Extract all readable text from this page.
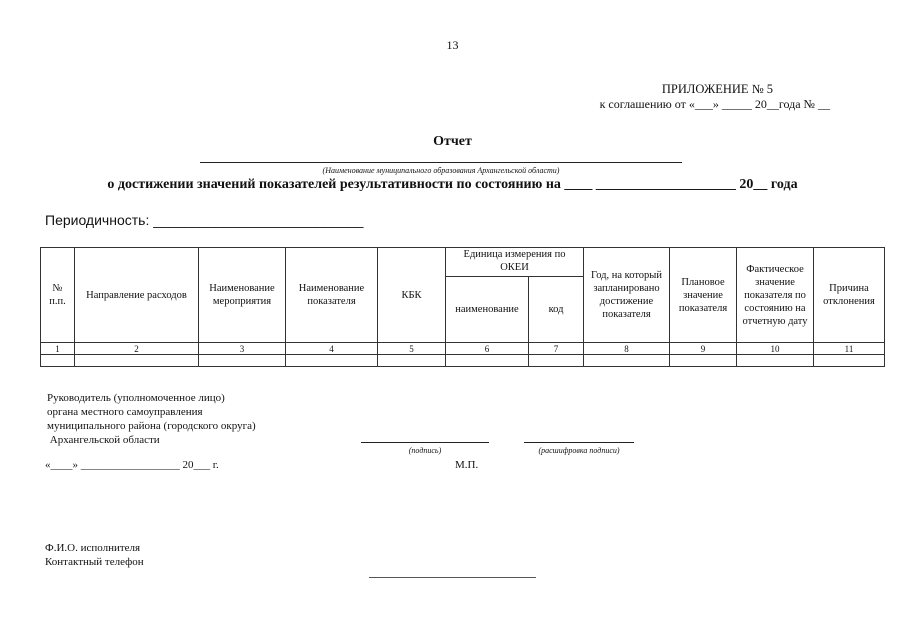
13
ПРИЛОЖЕНИЕ № 5
к соглашению от «___» _____ 20__года № __
Отчет
(Наименование муниципального образования Архангельской области)
о достижении значений показателей результативности по состоянию на ____ ____________________ 20__ года
Периодичность: ___________________________
№ п.п.	Направление расходов	Наименование мероприятия	Наименование показателя	КБК	Единица измерения по ОКЕИ		Год, на который запланировано достижение показателя	Плановое значение показателя	Фактическое значение показателя по состоянию на отчетную дату	Причина отклонения
					наименование	код				
1	2	3	4	5	6	7	8	9	10	11

Руководитель (уполномоченное лицо)
органа местного самоуправления
муниципального района (городского округа)
Архангельской области
(подпись)	(расшифровка подписи)
«____» __________________ 20___ г.	М.П.
Ф.И.О. исполнителя
Контактный телефон
